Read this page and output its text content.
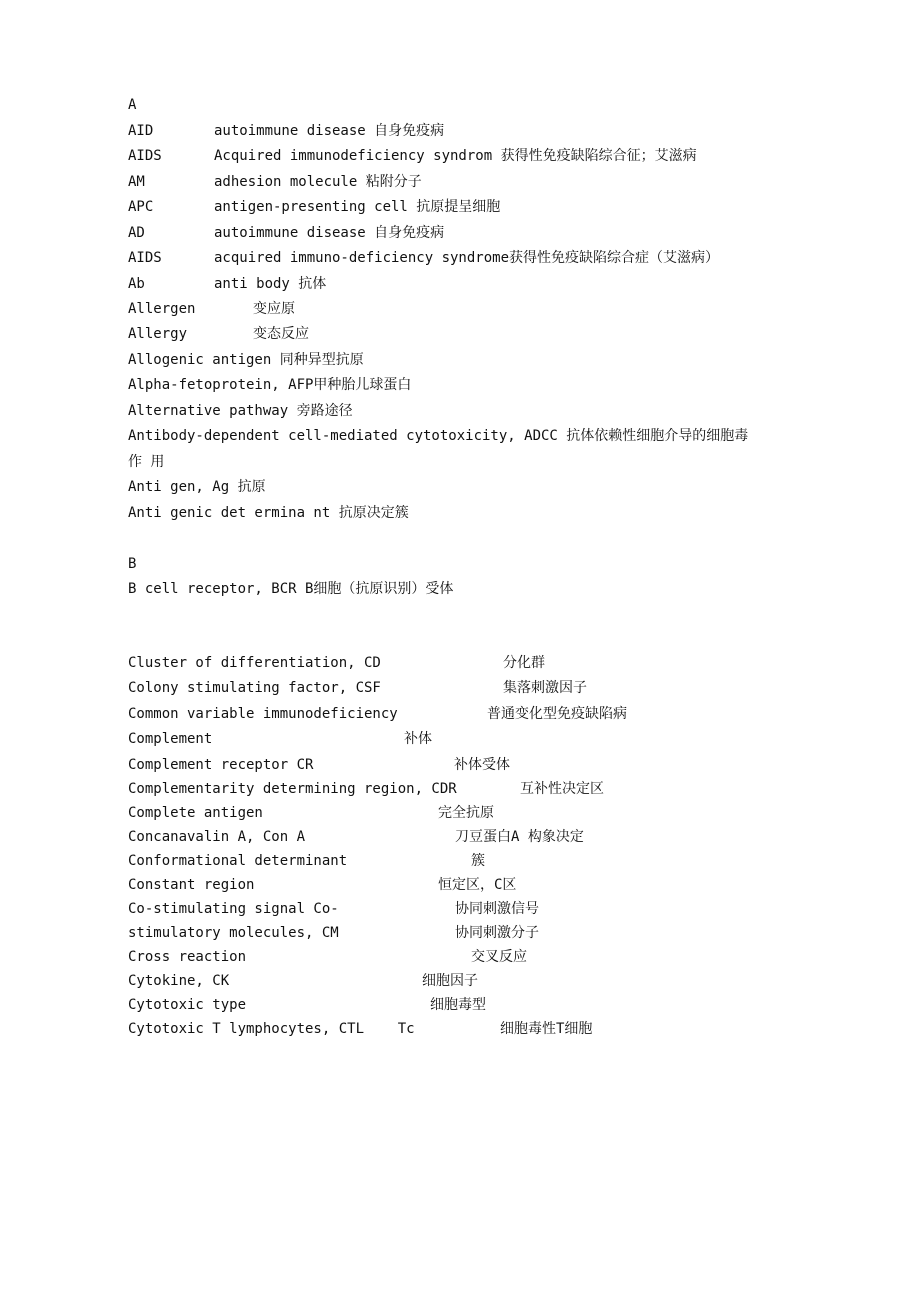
A
AID	autoimmune disease 自身免疫病
AIDS	Acquired immunodeficiency syndrom 获得性免疫缺陷综合征；艾滋病
AM	adhesion molecule 粘附分子
APC	antigen-presenting cell 抗原提呈细胞
AD	autoimmune disease 自身免疫病
AIDS	acquired immuno-deficiency syndrome获得性免疫缺陷综合症（艾滋病）
Ab	anti body 抗体
Allergen	变应原
Allergy	变态反应
Allogenic antigen 同种异型抗原
Alpha-fetoprotein, AFP甲种胎儿球蛋白
Alternative pathway 旁路途径
Antibody-dependent cell-mediated cytotoxicity, ADCC 抗体依赖性细胞介导的细胞毒
作 用
Anti gen, Ag 抗原
Anti genic det ermina nt 抗原决定簇
B
B cell receptor, BCR B细胞（抗原识别）受体
Cluster of differentiation, CD	分化群
Colony stimulating factor, CSF	集落刺激因子
Common variable immunodeficiency	普通变化型免疫缺陷病
Complement	补体
Complement receptor CR	补体受体
Complementarity determining region, CDR	互补性决定区
Complete antigen	完全抗原
Concanavalin A, Con A	刀豆蛋白A 构象决定
Conformational determinant	簇
Constant region	恒定区，C区
Co-stimulating signal Co-	协同刺激信号
stimulatory molecules, CM	协同刺激分子
Cross reaction	交叉反应
Cytokine, CK	细胞因子
Cytotoxic type	细胞毒型
Cytotoxic T lymphocytes, CTL    Tc	细胞毒性T细胞
